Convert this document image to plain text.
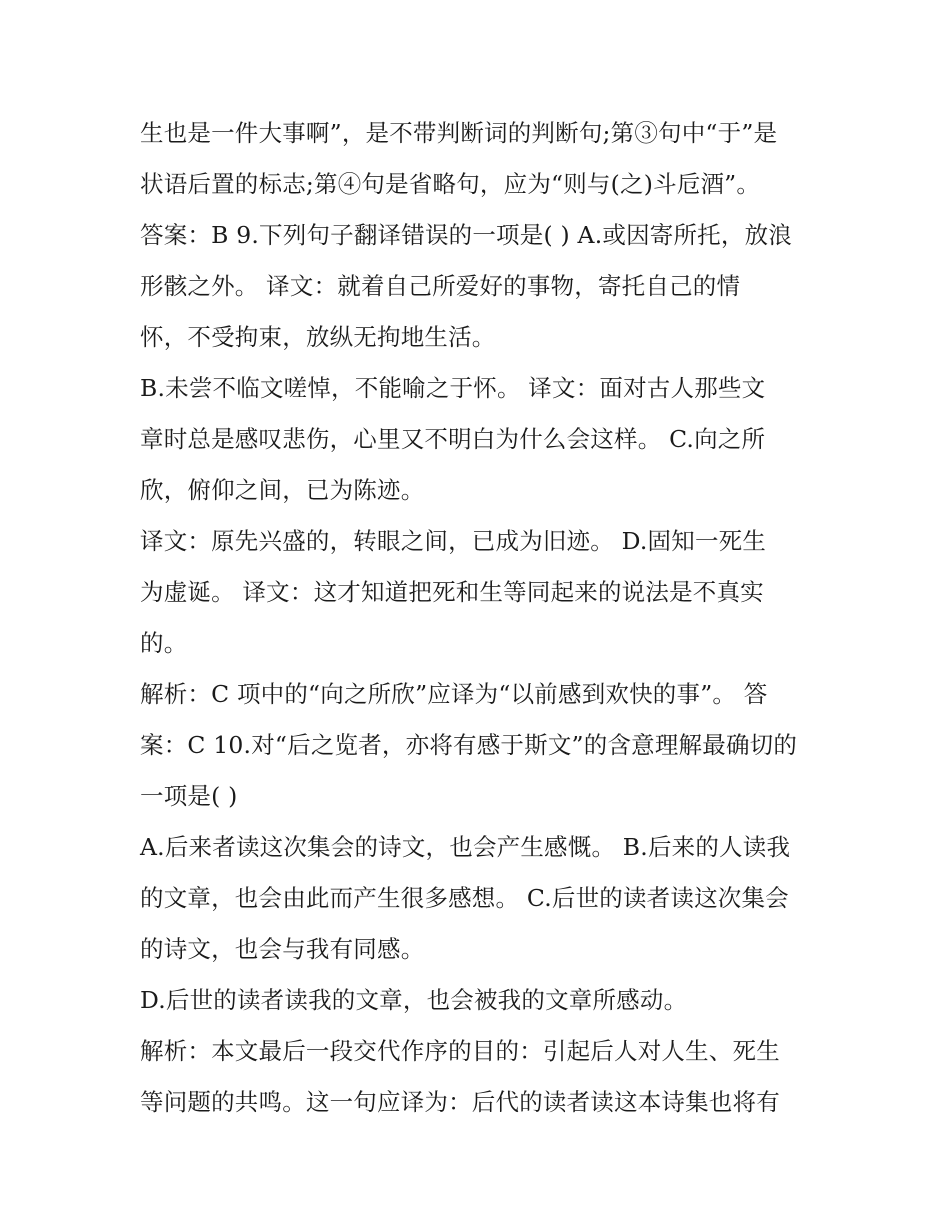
生也是一件大事啊”，是不带判断词的判断句;第③句中“于”是
状语后置的标志;第④句是省略句，应为“则与(之)斗卮酒”。
答案：B 9.下列句子翻译错误的一项是( ) A.或因寄所托，放浪
形骸之外。 译文：就着自己所爱好的事物，寄托自己的情
怀，不受拘束，放纵无拘地生活。
B.未尝不临文嗟悼，不能喻之于怀。 译文：面对古人那些文
章时总是感叹悲伤，心里又不明白为什么会这样。 C.向之所
欣，俯仰之间，已为陈迹。
译文：原先兴盛的，转眼之间，已成为旧迹。 D.固知一死生
为虚诞。 译文：这才知道把死和生等同起来的说法是不真实
的。
解析：C 项中的“向之所欣”应译为“以前感到欢快的事”。 答
案：C 10.对“后之览者，亦将有感于斯文”的含意理解最确切的
一项是( )
A.后来者读这次集会的诗文，也会产生感慨。 B.后来的人读我
的文章，也会由此而产生很多感想。 C.后世的读者读这次集会
的诗文，也会与我有同感。
D.后世的读者读我的文章，也会被我的文章所感动。
解析：本文最后一段交代作序的目的：引起后人对人生、死生
等问题的共鸣。这一句应译为：后代的读者读这本诗集也将有
